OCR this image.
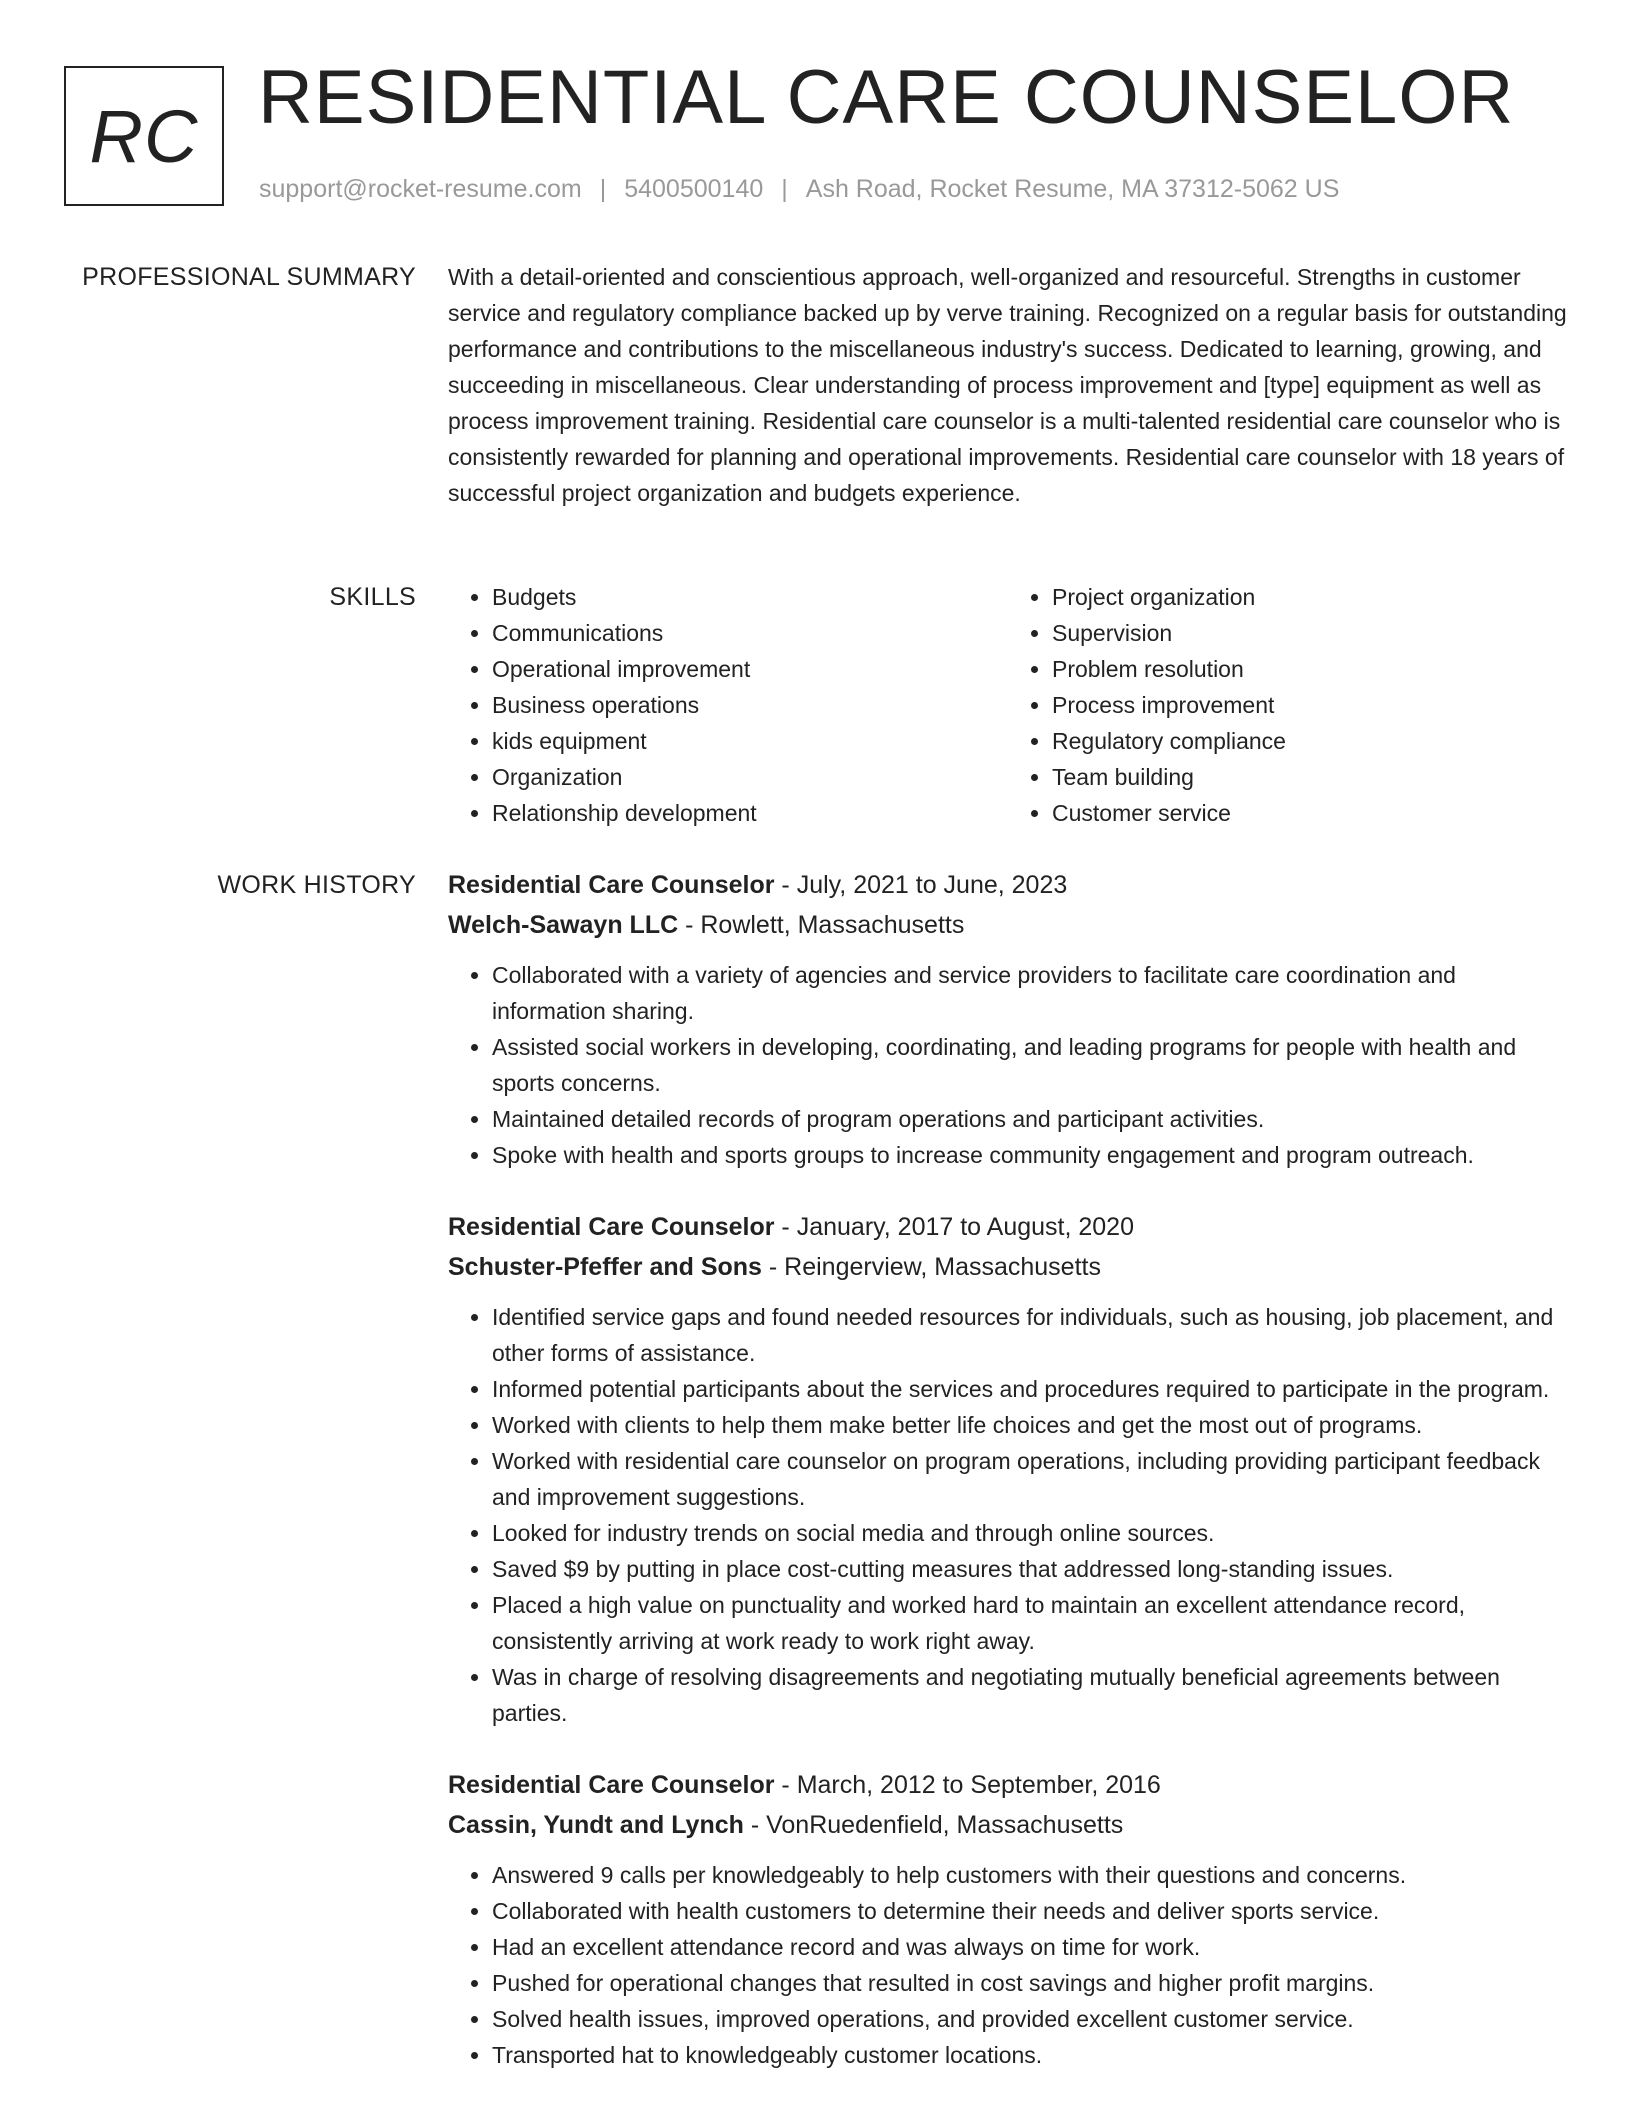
RC RESIDENTIAL CARE COUNSELOR
support@rocket-resume.com | 5400500140 | Ash Road, Rocket Resume, MA 37312-5062 US
PROFESSIONAL SUMMARY With a detail-oriented and conscientious approach, well-organized and resourceful. Strengths in customer service and regulatory compliance backed up by verve training. Recognized on a regular basis for outstanding performance and contributions to the miscellaneous industry's success. Dedicated to learning, growing, and succeeding in miscellaneous. Clear understanding of process improvement and [type] equipment as well as process improvement training. Residential care counselor is a multi-talented residential care counselor who is consistently rewarded for planning and operational improvements. Residential care counselor with 18 years of successful project organization and budgets experience.

SKILLS
•	Budgets
• Communications
• Operational improvement
• Business operations
• kids equipment
• Organization
• Relationship development
• Project organization
• Supervision
• Problem resolution
• Process improvement
• Regulatory compliance
• Team building
• Customer service
WORK HISTORY Residential Care Counselor - July, 2021 to June, 2023
Welch-Sawayn LLC - Rowlett, Massachusetts
• Collaborated with a variety of agencies and service providers to facilitate care coordination and information sharing.
• Assisted social workers in developing, coordinating, and leading programs for people with health and sports concerns.
• Maintained detailed records of program operations and participant activities.
• Spoke with health and sports groups to increase community engagement and program outreach.
Residential Care Counselor - January, 2017 to August, 2020
Schuster-Pfeffer and Sons - Reingerview, Massachusetts
• Identified service gaps and found needed resources for individuals, such as housing, job placement, and other forms of assistance.
• Informed potential participants about the services and procedures required to participate in the program.
• Worked with clients to help them make better life choices and get the most out of programs.
• Worked with residential care counselor on program operations, including providing participant feedback and improvement suggestions.
• Looked for industry trends on social media and through online sources.
• Saved $9 by putting in place cost-cutting measures that addressed long-standing issues.
• Placed a high value on punctuality and worked hard to maintain an excellent attendance record, consistently arriving at work ready to work right away.
• Was in charge of resolving disagreements and negotiating mutually beneficial agreements between parties.
Residential Care Counselor - March, 2012 to September, 2016
Cassin, Yundt and Lynch - VonRuedenfield, Massachusetts
• Answered 9 calls per knowledgeably to help customers with their questions and concerns.
• Collaborated with health customers to determine their needs and deliver sports service.
• Had an excellent attendance record and was always on time for work.
• Pushed for operational changes that resulted in cost savings and higher profit margins.
• Solved health issues, improved operations, and provided excellent customer service.
• Transported hat to knowledgeably customer locations.
